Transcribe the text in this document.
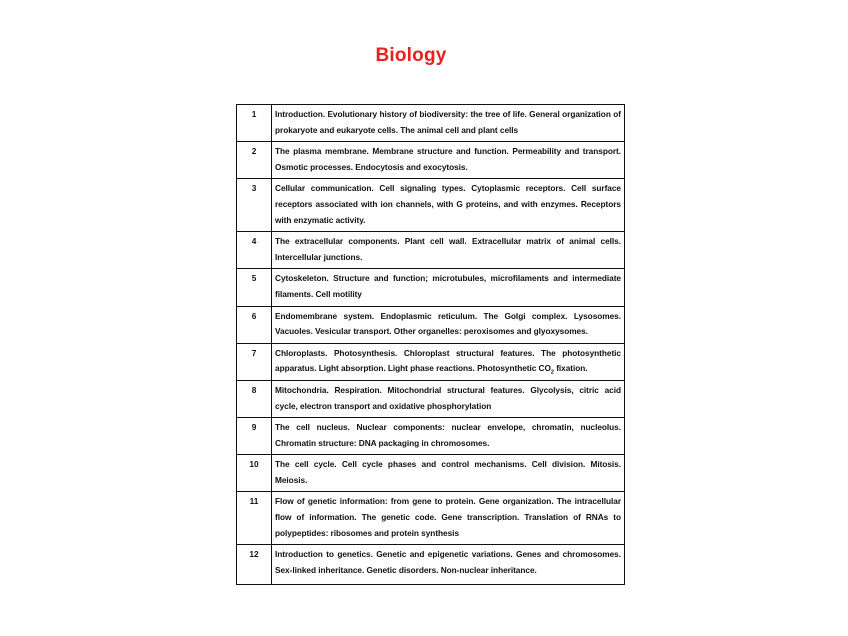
Biology
1	Introduction. Evolutionary history of biodiversity: the tree of life. General organization of prokaryote and eukaryote cells. The animal cell and plant cells
2	The plasma membrane. Membrane structure and function. Permeability and transport. Osmotic processes. Endocytosis and exocytosis.
3	Cellular communication. Cell signaling types. Cytoplasmic receptors. Cell surface receptors associated with ion channels, with G proteins, and with enzymes. Receptors with enzymatic activity.
4	The extracellular components. Plant cell wall. Extracellular matrix of animal cells. Intercellular junctions.
5	Cytoskeleton. Structure and function; microtubules, microfilaments and intermediate filaments. Cell motility
6	Endomembrane system. Endoplasmic reticulum. The Golgi complex. Lysosomes. Vacuoles. Vesicular transport. Other organelles: peroxisomes and glyoxysomes.
7	Chloroplasts. Photosynthesis. Chloroplast structural features. The photosynthetic apparatus. Light absorption. Light phase reactions. Photosynthetic $CO_2$ fixation.
8	Mitochondria. Respiration. Mitochondrial structural features. Glycolysis, citric acid cycle, electron transport and oxidative phosphorylation
9	The cell nucleus. Nuclear components: nuclear envelope, chromatin, nucleolus. Chromatin structure: DNA packaging in chromosomes.
10	The cell cycle. Cell cycle phases and control mechanisms. Cell division. Mitosis. Meiosis.
11	Flow of genetic information: from gene to protein. Gene organization. The intracellular flow of information. The genetic code. Gene transcription. Translation of RNAs to polypeptides: ribosomes and protein synthesis
12	Introduction to genetics. Genetic and epigenetic variations. Genes and chromosomes. Sex-linked inheritance. Genetic disorders. Non-nuclear inheritance.
